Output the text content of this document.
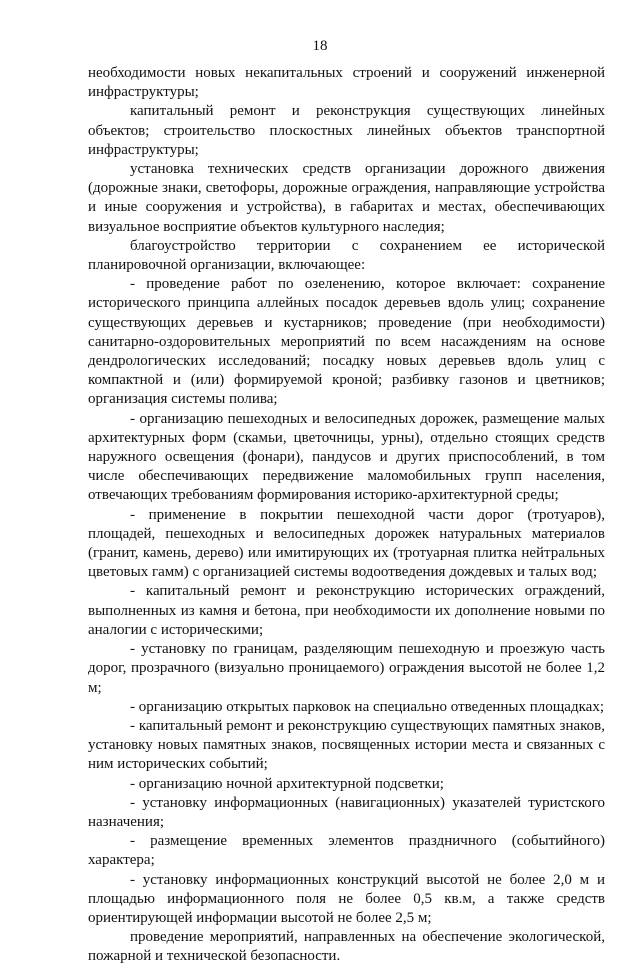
18

необходимости новых некапитальных строений и сооружений инженерной инфраструктуры;

капитальный ремонт и реконструкция существующих линейных объектов; строительство плоскостных линейных объектов транспортной инфраструктуры;

установка технических средств организации дорожного движения (дорожные знаки, светофоры, дорожные ограждения, направляющие устройства и иные сооружения и устройства), в габаритах и местах, обеспечивающих визуальное восприятие объектов культурного наследия;

благоустройство территории с сохранением ее исторической планировочной организации, включающее:

- проведение работ по озеленению, которое включает: сохранение исторического принципа аллейных посадок деревьев вдоль улиц; сохранение существующих деревьев и кустарников; проведение (при необходимости) санитарно-оздоровительных мероприятий по всем насаждениям на основе дендрологических исследований; посадку новых деревьев вдоль улиц с компактной и (или) формируемой кроной; разбивку газонов и цветников; организация системы полива;

- организацию пешеходных и велосипедных дорожек, размещение малых архитектурных форм (скамьи, цветочницы, урны), отдельно стоящих средств наружного освещения (фонари), пандусов и других приспособлений, в том числе обеспечивающих передвижение маломобильных групп населения, отвечающих требованиям формирования историко-архитектурной среды;

- применение в покрытии пешеходной части дорог (тротуаров), площадей, пешеходных и велосипедных дорожек натуральных материалов (гранит, камень, дерево) или имитирующих их (тротуарная плитка нейтральных цветовых гамм) с организацией системы водоотведения дождевых и талых вод;

- капитальный ремонт и реконструкцию исторических ограждений, выполненных из камня и бетона, при необходимости их дополнение новыми по аналогии с историческими;

- установку по границам, разделяющим пешеходную и проезжую часть дорог, прозрачного (визуально проницаемого) ограждения высотой не более 1,2 м;

- организацию открытых парковок на специально отведенных площадках;

- капитальный ремонт и реконструкцию существующих памятных знаков, установку новых памятных знаков, посвященных истории места и связанных с ним исторических событий;

- организацию ночной архитектурной подсветки;

- установку информационных (навигационных) указателей туристского назначения;

- размещение временных элементов праздничного (событийного) характера;

- установку информационных конструкций высотой не более 2,0 м и площадью информационного поля не более 0,5 кв.м, а также средств ориентирующей информации высотой не более 2,5 м;

проведение мероприятий, направленных на обеспечение экологической, пожарной и технической безопасности.
